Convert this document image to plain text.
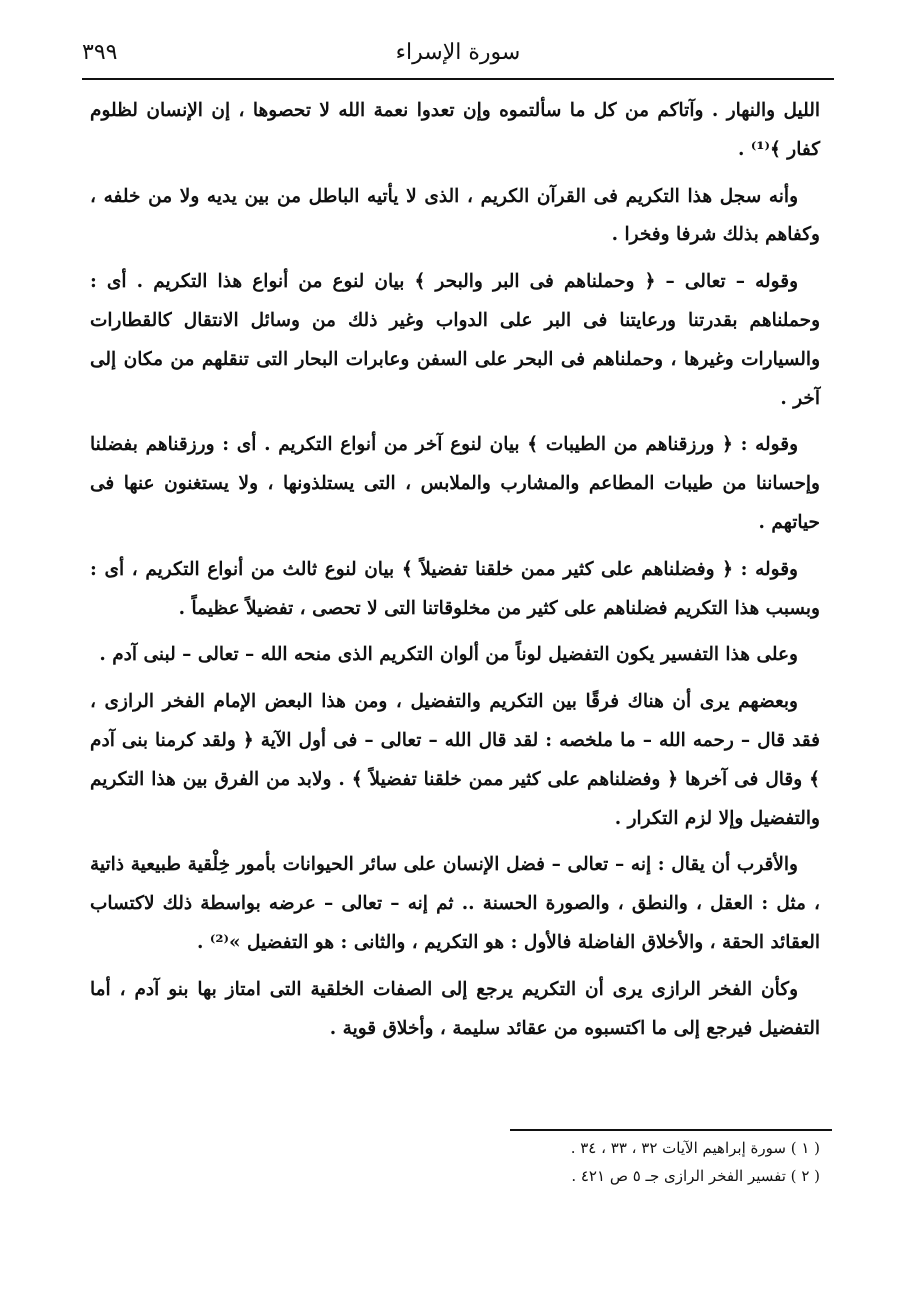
٣٩٩	سورة الإسراء

الليل والنهار . وآتاكم من كل ما سألتموه وإن تعدوا نعمة الله لا تحصوها ، إن الإنسان لظلوم كفار ﴾⁽¹⁾ .

وأنه سجل هذا التكريم فى القرآن الكريم ، الذى لا يأتيه الباطل من بين يديه ولا من خلفه ، وكفاهم بذلك شرفا وفخرا .

وقوله – تعالى – ﴿ وحملناهم فى البر والبحر ﴾ بيان لنوع من أنواع هذا التكريم . أى : وحملناهم بقدرتنا ورعايتنا فى البر على الدواب وغير ذلك من وسائل الانتقال كالقطارات والسيارات وغيرها ، وحملناهم فى البحر على السفن وعابرات البحار التى تنقلهم من مكان إلى آخر .

وقوله : ﴿ ورزقناهم من الطيبات ﴾ بيان لنوع آخر من أنواع التكريم . أى : ورزقناهم بفضلنا وإحساننا من طيبات المطاعم والمشارب والملابس ، التى يستلذونها ، ولا يستغنون عنها فى حياتهم .

وقوله : ﴿ وفضلناهم على كثير ممن خلقنا تفضيلاً ﴾ بيان لنوع ثالث من أنواع التكريم ، أى : وبسبب هذا التكريم فضلناهم على كثير من مخلوقاتنا التى لا تحصى ، تفضيلاً عظيماً .

وعلى هذا التفسير يكون التفضيل لوناً من ألوان التكريم الذى منحه الله – تعالى – لبنى آدم .

وبعضهم يرى أن هناك فرقًا بين التكريم والتفضيل ، ومن هذا البعض الإمام الفخر الرازى ، فقد قال – رحمه الله – ما ملخصه : لقد قال الله – تعالى – فى أول الآية ﴿ ولقد كرمنا بنى آدم ﴾ وقال فى آخرها ﴿ وفضلناهم على كثير ممن خلقنا تفضيلاً ﴾ . ولابد من الفرق بين هذا التكريم والتفضيل وإلا لزم التكرار .

والأقرب أن يقال : إنه – تعالى – فضل الإنسان على سائر الحيوانات بأمور خِلْقية طبيعية ذاتية ، مثل : العقل ، والنطق ، والصورة الحسنة .. ثم إنه – تعالى – عرضه بواسطة ذلك لاكتساب العقائد الحقة ، والأخلاق الفاضلة فالأول : هو التكريم ، والثانى : هو التفضيل »⁽²⁾ .

وكأن الفخر الرازى يرى أن التكريم يرجع إلى الصفات الخلقية التى امتاز بها بنو آدم ، أما التفضيل فيرجع إلى ما اكتسبوه من عقائد سليمة ، وأخلاق قوية .

( ١ ) سورة إبراهيم الآيات ٣٢ ، ٣٣ ، ٣٤ .

( ٢ ) تفسير الفخر الرازى جـ ٥ ص ٤٢١ .
